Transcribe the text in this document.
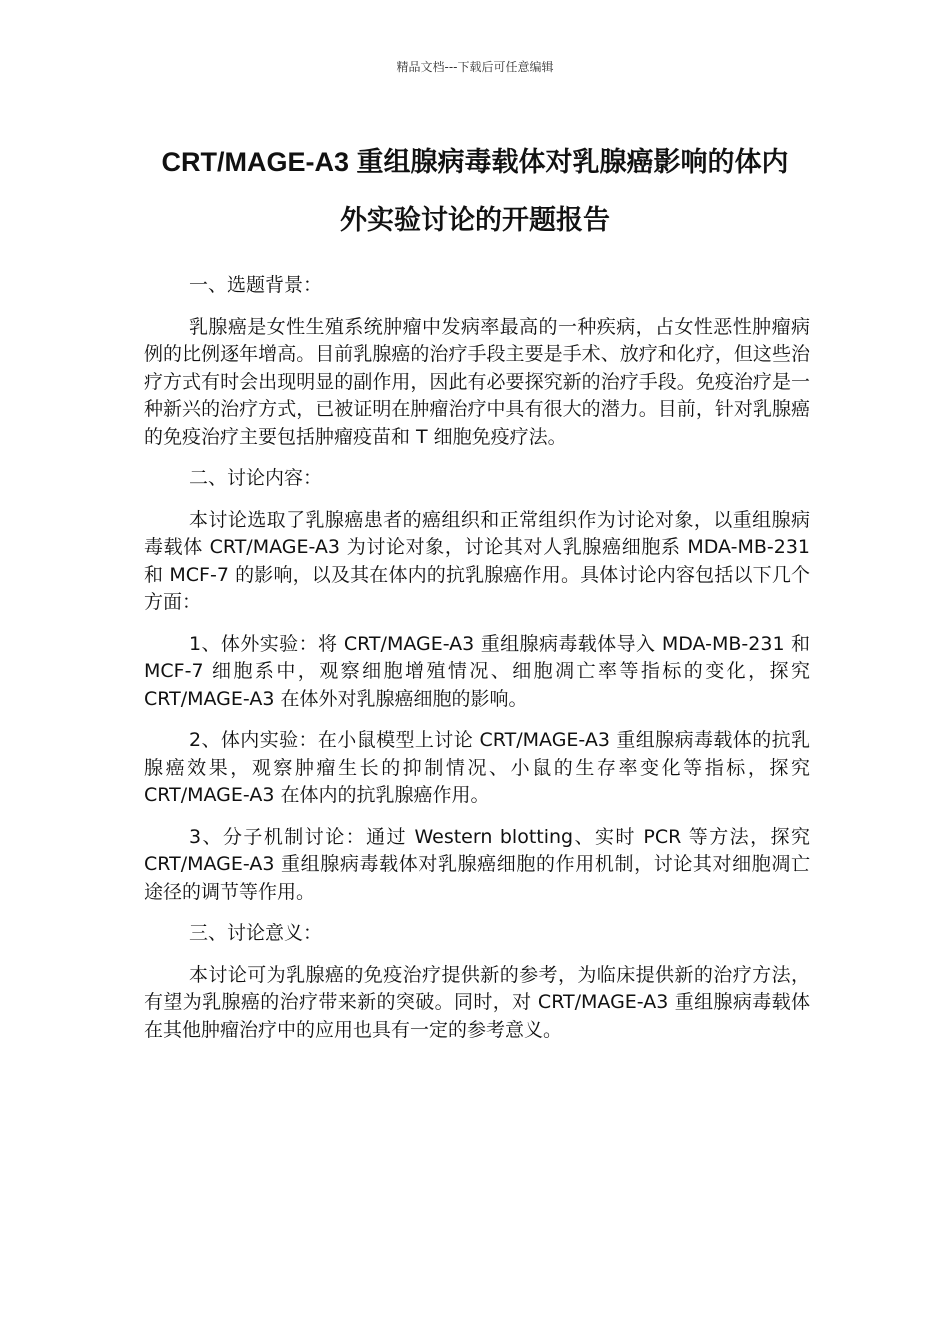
精品文档---下载后可任意编辑
CRT/MAGE-A3 重组腺病毒载体对乳腺癌影响的体内
外实验讨论的开题报告

一、选题背景：

乳腺癌是女性生殖系统肿瘤中发病率最高的一种疾病，占女性恶性肿瘤病例的比例逐年增高。目前乳腺癌的治疗手段主要是手术、放疗和化疗，但这些治疗方式有时会出现明显的副作用，因此有必要探究新的治疗手段。免疫治疗是一种新兴的治疗方式，已被证明在肿瘤治疗中具有很大的潜力。目前，针对乳腺癌的免疫治疗主要包括肿瘤疫苗和 T 细胞免疫疗法。

二、讨论内容：

本讨论选取了乳腺癌患者的癌组织和正常组织作为讨论对象，以重组腺病毒载体 CRT/MAGE-A3 为讨论对象，讨论其对人乳腺癌细胞系 MDA-MB-231 和 MCF-7 的影响，以及其在体内的抗乳腺癌作用。具体讨论内容包括以下几个方面：

1、体外实验：将 CRT/MAGE-A3 重组腺病毒载体导入 MDA-MB-231 和 MCF-7 细胞系中，观察细胞增殖情况、细胞凋亡率等指标的变化，探究 CRT/MAGE-A3 在体外对乳腺癌细胞的影响。

2、体内实验：在小鼠模型上讨论 CRT/MAGE-A3 重组腺病毒载体的抗乳腺癌效果，观察肿瘤生长的抑制情况、小鼠的生存率变化等指标，探究 CRT/MAGE-A3 在体内的抗乳腺癌作用。

3、分子机制讨论：通过 Western blotting、实时 PCR 等方法，探究 CRT/MAGE-A3 重组腺病毒载体对乳腺癌细胞的作用机制，讨论其对细胞凋亡途径的调节等作用。

三、讨论意义：

本讨论可为乳腺癌的免疫治疗提供新的参考，为临床提供新的治疗方法，有望为乳腺癌的治疗带来新的突破。同时，对 CRT/MAGE-A3 重组腺病毒载体在其他肿瘤治疗中的应用也具有一定的参考意义。
